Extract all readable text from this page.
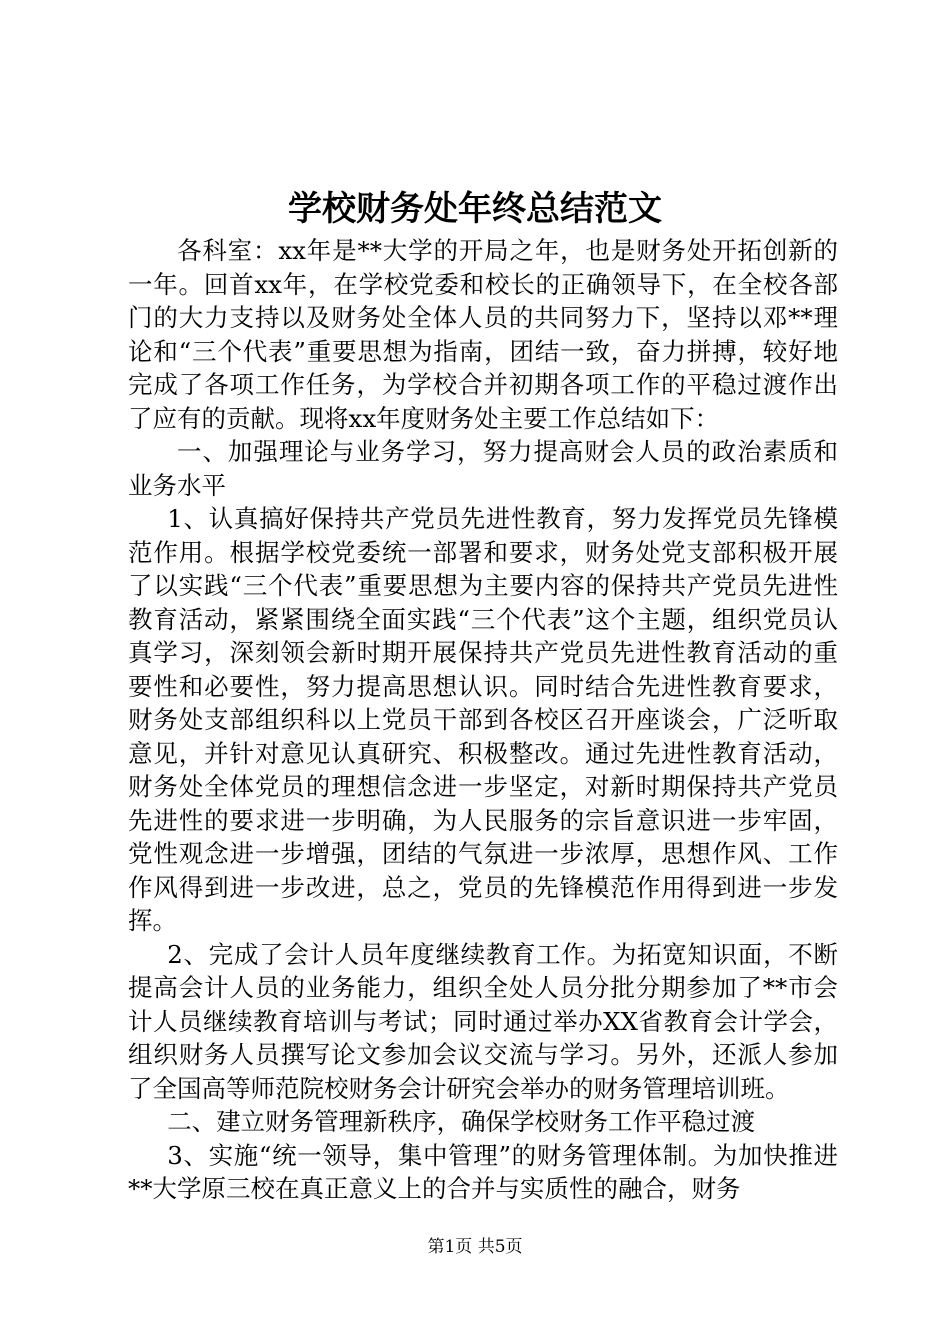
学校财务处年终总结范文

各科室：xx年是**大学的开局之年，也是财务处开拓创新的一年。回首xx年，在学校党委和校长的正确领导下，在全校各部门的大力支持以及财务处全体人员的共同努力下，坚持以邓**理论和“三个代表”重要思想为指南，团结一致，奋力拼搏，较好地完成了各项工作任务，为学校合并初期各项工作的平稳过渡作出了应有的贡献。现将xx年度财务处主要工作总结如下：

一、加强理论与业务学习，努力提高财会人员的政治素质和业务水平

1、认真搞好保持共产党员先进性教育，努力发挥党员先锋模范作用。根据学校党委统一部署和要求，财务处党支部积极开展了以实践“三个代表”重要思想为主要内容的保持共产党员先进性教育活动，紧紧围绕全面实践“三个代表”这个主题，组织党员认真学习，深刻领会新时期开展保持共产党员先进性教育活动的重要性和必要性，努力提高思想认识。同时结合先进性教育要求，财务处支部组织科以上党员干部到各校区召开座谈会，广泛听取意见，并针对意见认真研究、积极整改。通过先进性教育活动，财务处全体党员的理想信念进一步坚定，对新时期保持共产党员先进性的要求进一步明确，为人民服务的宗旨意识进一步牢固，党性观念进一步增强，团结的气氛进一步浓厚，思想作风、工作作风得到进一步改进，总之，党员的先锋模范作用得到进一步发挥。

2、完成了会计人员年度继续教育工作。为拓宽知识面，不断提高会计人员的业务能力，组织全处人员分批分期参加了**市会计人员继续教育培训与考试；同时通过举办XX省教育会计学会，组织财务人员撰写论文参加会议交流与学习。另外，还派人参加了全国高等师范院校财务会计研究会举办的财务管理培训班。

二、建立财务管理新秩序，确保学校财务工作平稳过渡

3、实施“统一领导，集中管理”的财务管理体制。为加快推进**大学原三校在真正意义上的合并与实质性的融合，财务

第1页 共5页
